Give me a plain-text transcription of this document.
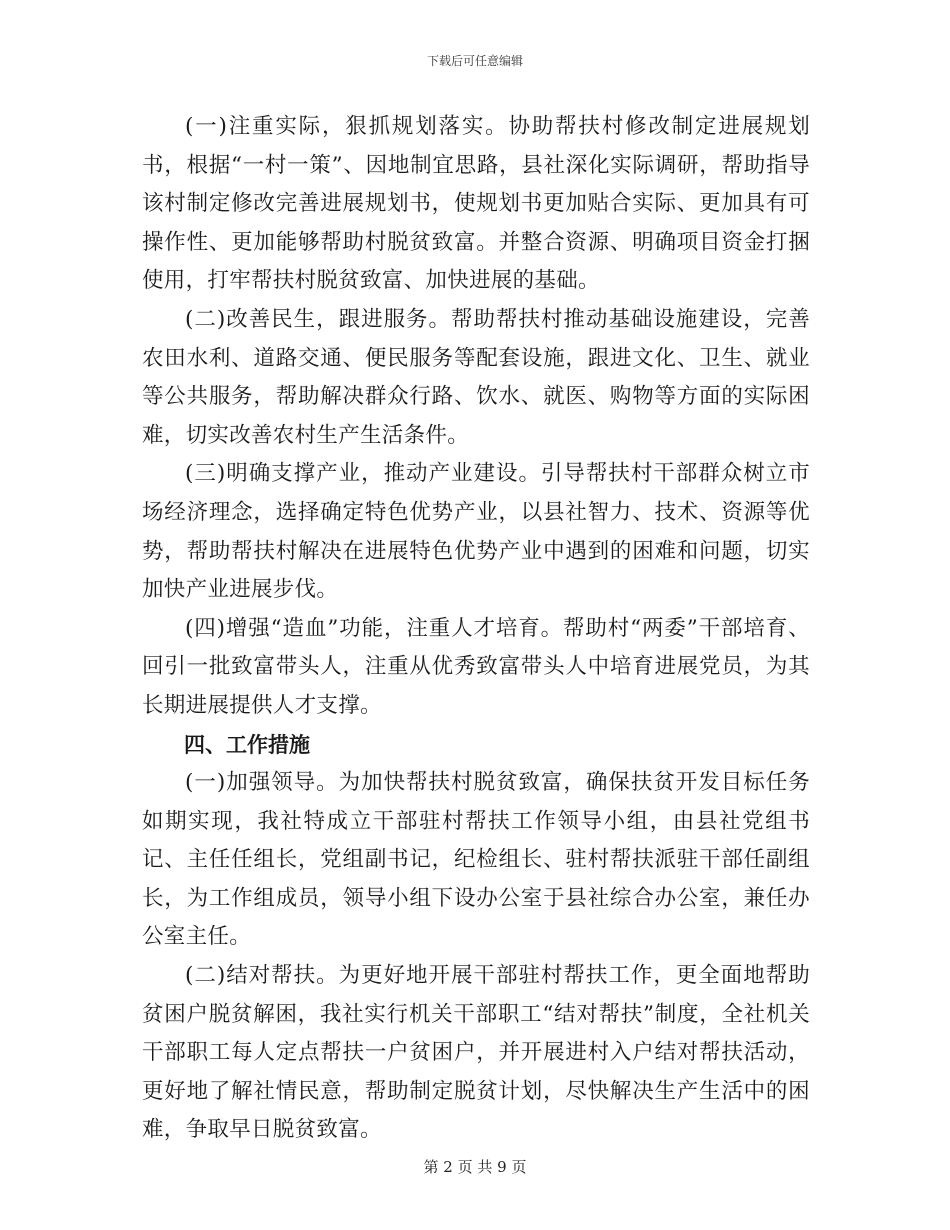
下载后可任意编辑

(一)注重实际，狠抓规划落实。协助帮扶村修改制定进展规划书，根据“一村一策”、因地制宜思路，县社深化实际调研，帮助指导该村制定修改完善进展规划书，使规划书更加贴合实际、更加具有可操作性、更加能够帮助村脱贫致富。并整合资源、明确项目资金打捆使用，打牢帮扶村脱贫致富、加快进展的基础。

(二)改善民生，跟进服务。帮助帮扶村推动基础设施建设，完善农田水利、道路交通、便民服务等配套设施，跟进文化、卫生、就业等公共服务，帮助解决群众行路、饮水、就医、购物等方面的实际困难，切实改善农村生产生活条件。

(三)明确支撑产业，推动产业建设。引导帮扶村干部群众树立市场经济理念，选择确定特色优势产业，以县社智力、技术、资源等优势，帮助帮扶村解决在进展特色优势产业中遇到的困难和问题，切实加快产业进展步伐。

(四)增强“造血”功能，注重人才培育。帮助村“两委”干部培育、回引一批致富带头人，注重从优秀致富带头人中培育进展党员，为其长期进展提供人才支撑。

四、工作措施

(一)加强领导。为加快帮扶村脱贫致富，确保扶贫开发目标任务如期实现，我社特成立干部驻村帮扶工作领导小组，由县社党组书记、主任任组长，党组副书记，纪检组长、驻村帮扶派驻干部任副组长，为工作组成员，领导小组下设办公室于县社综合办公室，兼任办公室主任。

(二)结对帮扶。为更好地开展干部驻村帮扶工作，更全面地帮助贫困户脱贫解困，我社实行机关干部职工“结对帮扶”制度，全社机关干部职工每人定点帮扶一户贫困户，并开展进村入户结对帮扶活动，更好地了解社情民意，帮助制定脱贫计划，尽快解决生产生活中的困难，争取早日脱贫致富。

第 2 页 共 9 页
